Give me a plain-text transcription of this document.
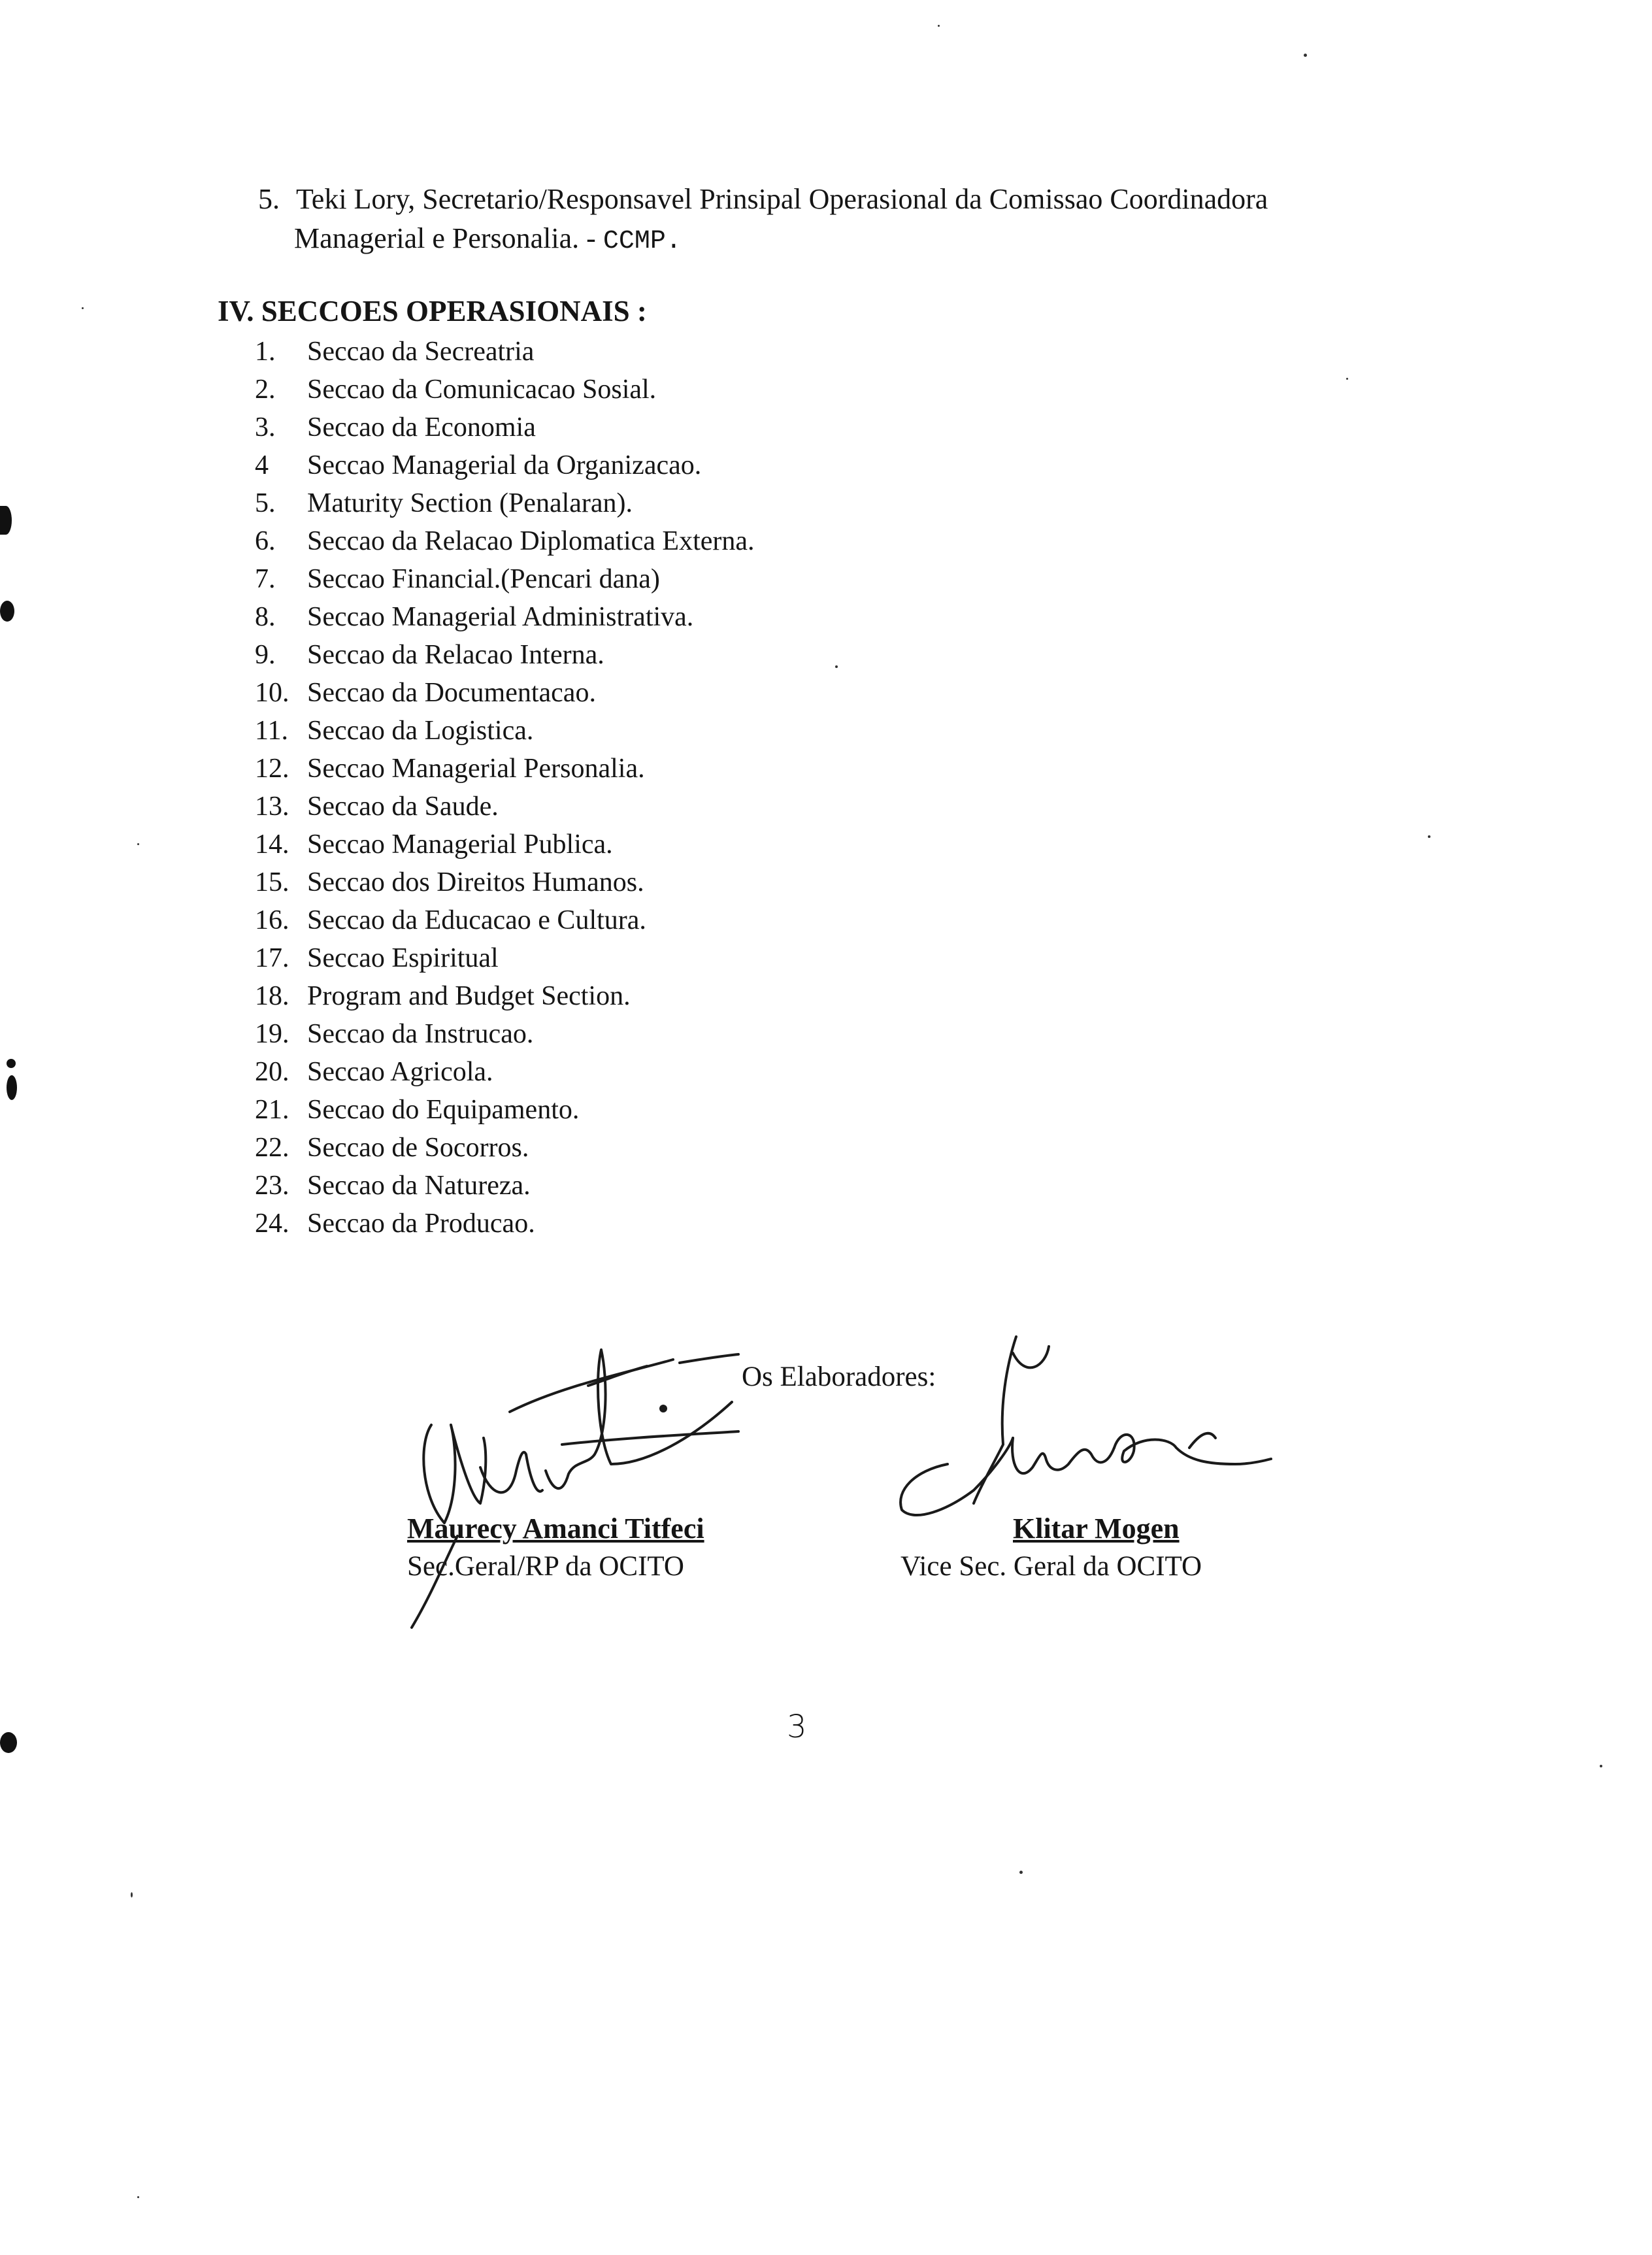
5. Teki Lory, Secretario/Responsavel Prinsipal Operasional da Comissao Coordinadora
Managerial e Personalia. - CCMP.
IV. SECCOES OPERASIONAIS :
1. Seccao da Secreatria
2. Seccao da Comunicacao Sosial.
3. Seccao da Economia
4 Seccao Managerial da Organizacao.
5. Maturity Section (Penalaran).
6. Seccao da Relacao Diplomatica Externa.
7. Seccao Financial.(Pencari dana)
8. Seccao Managerial Administrativa.
9. Seccao da Relacao Interna.
10. Seccao da Documentacao.
11. Seccao da Logistica.
12. Seccao Managerial Personalia.
13. Seccao da Saude.
14. Seccao Managerial Publica.
15. Seccao dos Direitos Humanos.
16. Seccao da Educacao e Cultura.
17. Seccao Espiritual
18. Program and Budget Section.
19. Seccao da Instrucao.
20. Seccao Agricola.
21. Seccao do Equipamento.
22. Seccao de Socorros.
23. Seccao da Natureza.
24. Seccao da Producao.
Os Elaboradores:
Maurecy Amanci Titfeci
Sec.Geral/RP da OCITO
Klitar Mogen
Vice Sec. Geral da OCITO
3
